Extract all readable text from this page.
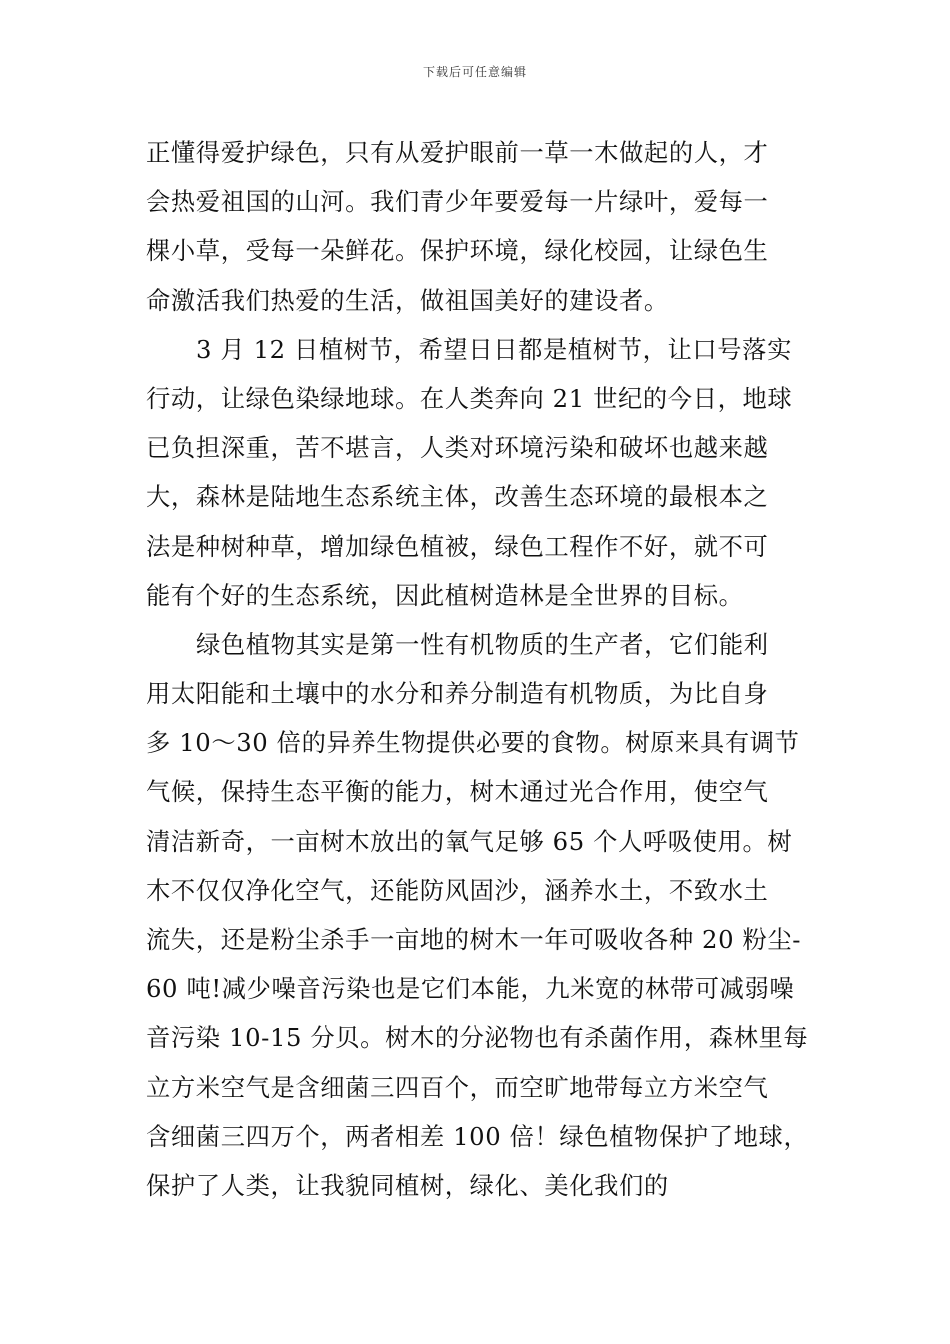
下载后可任意编辑
正懂得爱护绿色，只有从爱护眼前一草一木做起的人，才
会热爱祖国的山河。我们青少年要爱每一片绿叶，爱每一
棵小草，受每一朵鲜花。保护环境，绿化校园，让绿色生
命激活我们热爱的生活，做祖国美好的建设者。
3 月 12 日植树节，希望日日都是植树节，让口号落实
行动，让绿色染绿地球。在人类奔向 21 世纪的今日，地球
已负担深重，苦不堪言，人类对环境污染和破坏也越来越
大，森林是陆地生态系统主体，改善生态环境的最根本之
法是种树种草，增加绿色植被，绿色工程作不好，就不可
能有个好的生态系统，因此植树造林是全世界的目标。
绿色植物其实是第一性有机物质的生产者，它们能利
用太阳能和土壤中的水分和养分制造有机物质，为比自身
多 10～30 倍的异养生物提供必要的食物。树原来具有调节
气候，保持生态平衡的能力，树木通过光合作用，使空气
清洁新奇，一亩树木放出的氧气足够 65 个人呼吸使用。树
木不仅仅净化空气，还能防风固沙，涵养水土，不致水土
流失，还是粉尘杀手一亩地的树木一年可吸收各种 20 粉尘-
60 吨!减少噪音污染也是它们本能，九米宽的林带可减弱噪
音污染 10-15 分贝。树木的分泌物也有杀菌作用，森林里每
立方米空气是含细菌三四百个，而空旷地带每立方米空气
含细菌三四万个，两者相差 100 倍！绿色植物保护了地球，
保护了人类，让我貌同植树，绿化、美化我们的
